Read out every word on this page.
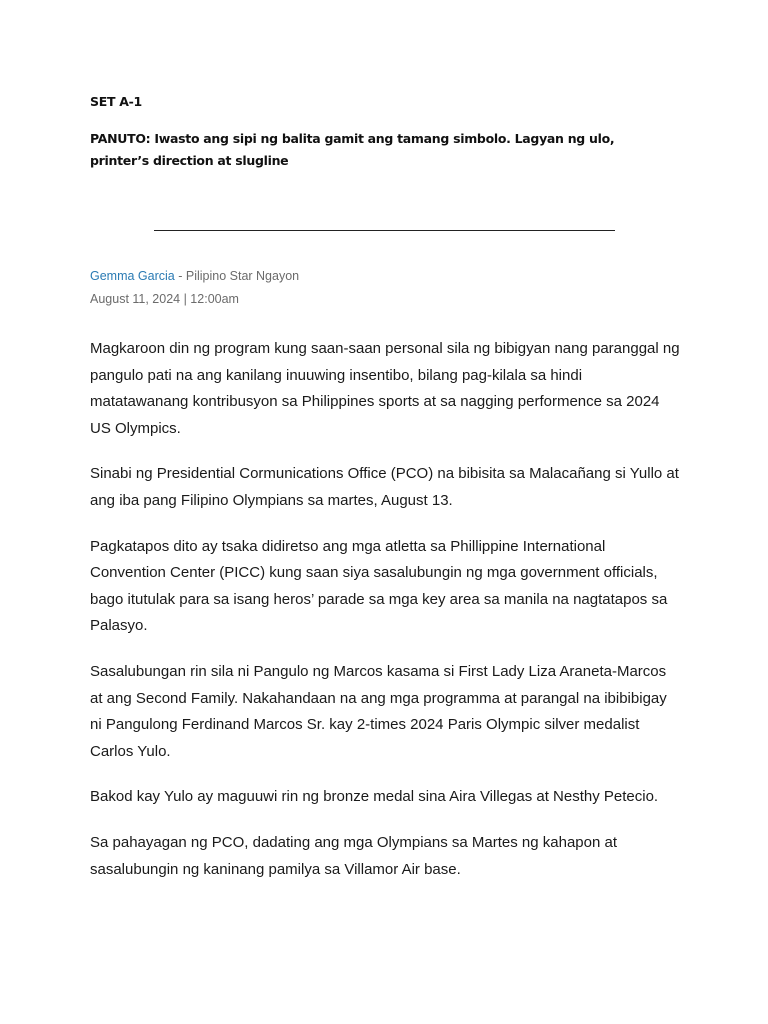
SET A-1
PANUTO: Iwasto ang sipi ng balita gamit ang tamang simbolo. Lagyan ng ulo, printer’s direction at slugline
Gemma Garcia - Pilipino Star Ngayon
August 11, 2024 | 12:00am

Magkaroon din ng program kung saan-saan personal sila ng bibigyan nang paranggal ng pangulo pati na ang kanilang inuuwing insentibo, bilang pag-kilala sa hindi matatawanang kontribusyon sa Philippines sports at sa nagging performence sa 2024 US Olympics.

Sinabi ng Presidential Cormunications Office (PCO) na bibisita sa Malacañang si Yullo at ang iba pang Filipino Olympians sa martes, August 13.

Pagkatapos dito ay tsaka didiretso ang mga atletta sa Phillippine International Convention Center (PICC) kung saan siya sasalubungin ng mga government officials, bago itutulak para sa isang heros’ parade sa mga key area sa manila na nagtatapos sa Palasyo.

Sasalubungan rin sila ni Pangulo ng Marcos kasama si First Lady Liza Araneta-Marcos at ang Second Family. Nakahandaan na ang mga programma at parangal na ibibibigay ni Pangulong Ferdinand Marcos Sr. kay 2-times 2024 Paris Olympic silver medalist Carlos Yulo.

Bakod kay Yulo ay maguuwi rin ng bronze medal sina Aira Villegas at Nesthy Petecio.

Sa pahayagan ng PCO, dadating ang mga Olympians sa Martes ng kahapon at sasalubungin ng kaninang pamilya sa Villamor Air base.
